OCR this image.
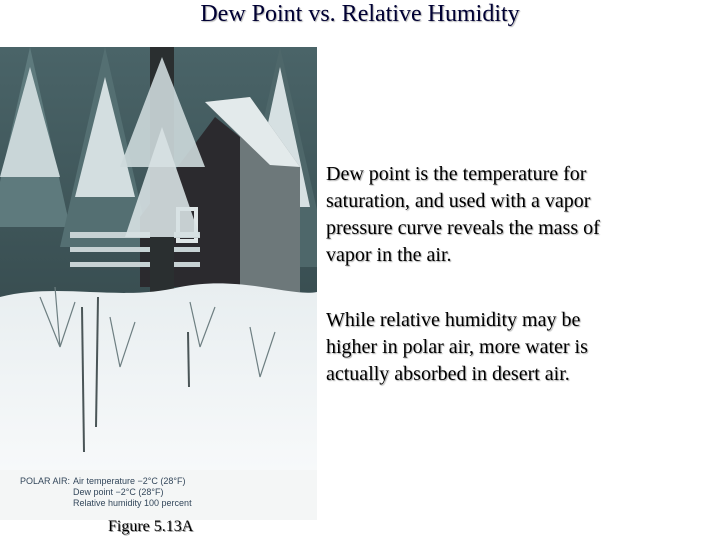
Dew Point vs. Relative Humidity
POLAR AIR: Air temperature −2°C (28°F)
Dew point −2°C (28°F)
Relative humidity 100 percent
Figure 5.13A
Dew point is the temperature for
saturation, and used with a vapor
pressure curve reveals the mass of
vapor in the air.
While relative humidity may be
higher in polar air, more water is
actually absorbed in desert air.
